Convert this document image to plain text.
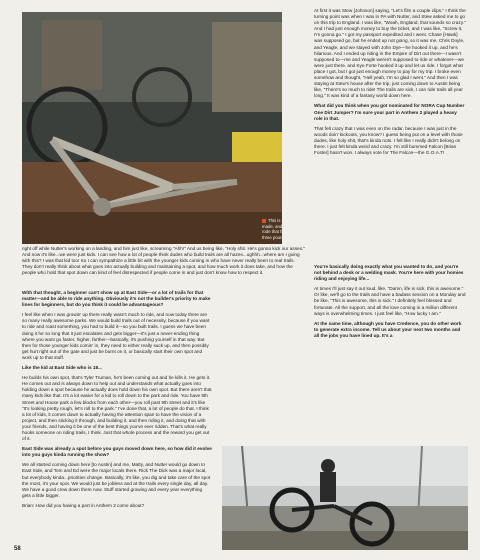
This is the second Credence frame ever made, and the first titanium frame we made. I rode that frame for over four years. It weighs three pounds!

At first it was Stew [Johnson] saying, "Let's film a couple clips." I think the turning point was when I was in PA with Nutter, and Stew asked me to go on this trip to England. I was like, "Woah, England, that sounds so crazy." And I had just enough money to buy the ticket, and I was like, "Screw it, I'm gonna go." I got my passport expedited and I went. Chase [Hawk] was supposed go, but he ended up not going, so it was me, Chris Doyle, and Yeagle, and we stayed with John Dye—he hooked it up, and he's hilarious. And I ended up riding in the Empire of Dirt out there—I wasn't supposed to—me and Yeagle weren't supposed to ride or whatever—we were just there, and Kye Forte hooked it up and let us ride. I forgot what place I got, but I got just enough money to pay for my trip. I broke even somehow and thought, "Hell yeah, I'm so glad I went." And then I was staying at Stew's house after the trip, just coming down to Austin being like, "There's so much to ride! The trails are sick, I can ride trails all year long." It was kind of a fantasy world down here.

What did you think when you got nominated for NORA Cup Number One Dirt Jumper? I'm sure your part in Anthem 2 played a heavy role in that.

That felt crazy that I was even on the radar, because I was just in the woods doin' kickouts, you know? I guess being put on a level with those dudes, like holy shit, that's kinda nuts. I felt like I really didn't belong on there. I just felt kinda weird and crazy. I'm still bummed Falcon [Brian Foster] hasn't won. I always vote for The Falcon—the G.O.A.T!

right off while Nutter's working on a landing, and him just like, screaming "Ahh!" And us being like, "Holy shit. He's gonna kick our asses." And now it's like...we were just kids. I can see how a lot of people think dudes who build trails are all hazes...ughhh...where am I going with this? I was that kid too! So I can sympathize a little bit with the younger kids coming in who have never really been to real trails. They don't really think about what goes into actually building and maintaining a spot, and how much work it does take, and how the people who hold that spot down can kind of feel disrespected if people come in and just don't know how to respect it.

With that thought, a beginner can't show up at East Side—or a lot of trails for that matter—and be able to ride anything. Obviously it's not the builder's priority to make lines for beginners, but do you think it could be advantageous?

I feel like when I was growin' up there really wasn't much to ride, and now today there are so many really awesome parks. We would build trails out of necessity, because if you want to ride and roast something, you had to build it—so you built trails. I guess we have been doing it for so long that it just escalates and gets bigger—it's just a never-ending thing where you want go faster, higher, farther—basically, it's pushing yourself in that way. But then for those younger kids comin' in, they need to either really suck up, and then possibly get hurt right out of the gate and just be burnt on it, or basically start their own spot and work up to that stuff.

Like the kid at East Side who is 18...

He builds his own spot, that's Tyler Truman, he's been coming out and he kills it. He gets it. He comes out and is always down to help out and understands what actually goes into holding down a spot because he actually does hold down his own spot. But there aren't that many kids like that. It's a lot easier for a kid to roll down to the park and ride. You have 9th Street and House park a few blocks from each other—you roll past 9th street and it's like "It's looking pretty rough, let's roll to the park." I've done that, a lot of people do that. I think a lot of kids, it comes down to actually having the attention span to have the vision of a project, and then sticking it through, and building it, and then riding it, and doing that with your friends, and having it be one of the best things you've ever ridden. That's what really hooks someone on riding trails, I think. Just that whole process and the reward you get out of it.

East Side was already a spot before you guys moved down here, so how did it evolve into you guys kinda running the show?

We all started coming down here [to Austin] and me, Matty, and Nutter would go down to East Side, and Tom and Ed were the major locals there. Rick The Dick was a major local, but everybody kinda...priorities change. Basically, it's like, you dig and take care of the spot the most, it's your spot. We would just be jobless and at the trails every single day, all day. We have a good crew down there now. Stuff started growing and every year everything gets a little bigger.

Brian: How did you having a part in Anthem 2 come about?

You're basically doing exactly what you wanted to do, and you're not behind a desk or a welding mask. You're here with your homies riding and enjoying life...

At times I'll just say it out loud, like, "Damn, life is sick, this is awesome." Or like, we'll go to the trails and have a badass session on a Monday and be like, "This is awesome, this is sick." I definitely feel blessed and fortunate. All the support, and all the love coming in a million different ways is overwhelming times. I just feel like, "How lucky I am."

At the same time, although you have Credence, you do other work to generate extra income. Tell us about your next two months and all the jobs you have lined up. It's a

58
